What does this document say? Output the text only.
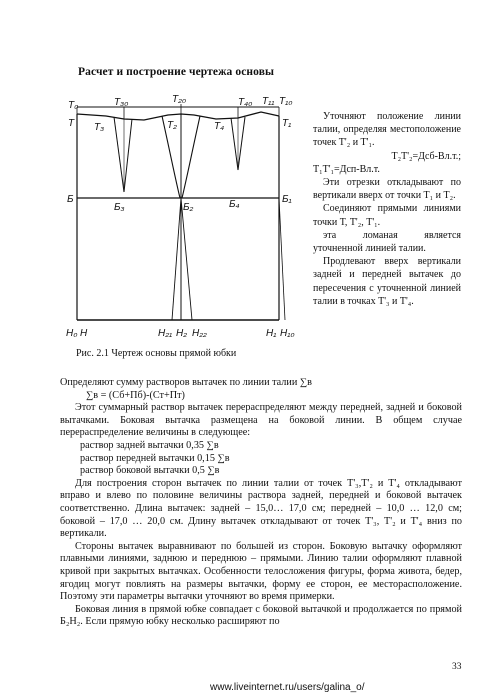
Расчет и построение чертежа основы
T₀
T
T₃₀
T₃
T₂₀
T₂
T₄₀ T₁₁ T₁₀
T₄	T₁
Б
Б₃	Б₂	Б₄	Б₁
H₀ H	H₂₁ H₂ H₂₂	H₁ H₁₀
Рис. 2.1 Чертеж основы прямой юбки

Уточняют положение линии талии, определяя местоположение точек Т'₂ и Т'₁.

Т₂Т'₂=Дсб-Вл.т.;

Т₁Т'₁=Дсп-Вл.т.

Эти отрезки откладывают по вертикали вверх от точки Т₁ и Т₂.

Соединяют прямыми линиями точки Т, Т'₂, Т'₁.

эта ломаная является уточненной линией талии.

Продлевают вверх вертикали задней и передней вытачек до пересечения с уточненной линией талии в точках Т'₃ и Т'₄.

Определяют сумму растворов вытачек по линии талии ∑в

∑в = (Сб+Пб)-(Ст+Пт)

Этот суммарный раствор вытачек перераспределяют между передней, задней и боковой вытачками. Боковая вытачка размещена на боковой линии. В общем случае перераспределение величины в следующее:

раствор задней вытачки 0,35 ∑в

раствор передней вытачки 0,15 ∑в

раствор боковой вытачки 0,5 ∑в

Для построения сторон вытачек по линии талии от точек Т'₃,Т'₂ и Т'₄ откладывают вправо и влево по половине величины раствора задней, передней и боковой вытачек соответственно. Длина вытачек: задней – 15,0… 17,0 см; передней – 10,0 … 12,0 см; боковой – 17,0 … 20,0 см. Длину вытачек откладывают от точек Т'₃, Т'₂ и Т'₄ вниз по вертикали.

Стороны вытачек выравнивают по большей из сторон. Боковую вытачку оформляют плавными линиями, заднюю и переднюю – прямыми. Линию талии оформляют плавной кривой при закрытых вытачках. Особенности телосложения фигуры, форма живота, бедер, ягодиц могут повлиять на размеры вытачки, форму ее сторон, ее месторасположение. Поэтому эти параметры вытачки уточняют во время примерки.

Боковая линия в прямой юбке совпадает с боковой вытачкой и продолжается по прямой Б₂Н₂. Если прямую юбку несколько расширяют по

33
www.liveinternet.ru/users/galina_o/
